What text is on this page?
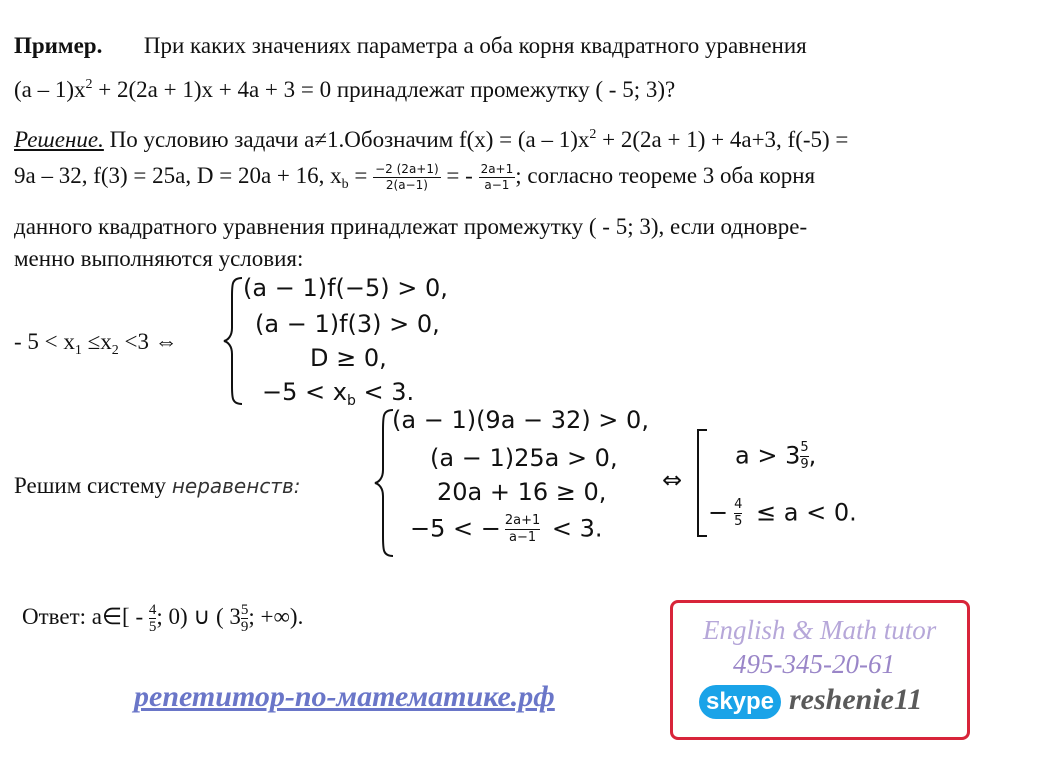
Пример. При каких значениях параметра а оба корня квадратного уравнения
$(а - 1)х^2 + 2(2а + 1)х + 4а + 3 = 0$ принадлежат промежутку ( - 5; 3)?
Решение. По условию задачи а≠1.Обозначим $f(x) = (a - 1)x^2 + 2(2a + 1) + 4a+3$, f(-5) =
9a – 32, f(3) = 25a, D = 20a + 16, $x_b = \frac{-2 (2a+1)}{2(a-1)}$ = - $\frac{2a+1}{a-1}$ ; согласно теореме 3 оба корня
данного квадратного уравнения принадлежат промежутку ( - 5; 3), если одновре-
менно выполняются условия:
- $5 < x_1 \le x_2 <3$ ⇔
(a − 1)f(−5) > 0,
(a − 1)f(3) > 0,
D ≥ 0,
$-5 < x_b < 3$.
Решим систему неравенств:
(a − 1)(9a − 32) > 0,
(a − 1)25a > 0,
20a + 16 ≥ 0,
−5 < − $\frac{2a+1}{a-1} < 3$.
⇔
$a > 3 \frac{5}{9}$ ,
− $\frac{4}{5} \le a < 0$.
Ответ: a∈[ - $\frac{4}{5}$ ; 0) ∪ ( $3 \frac{5}{9}$ ; +∞).
репетитор-по-математике.рф
English & Math tutor
495-345-20-61
skype reshenie11
